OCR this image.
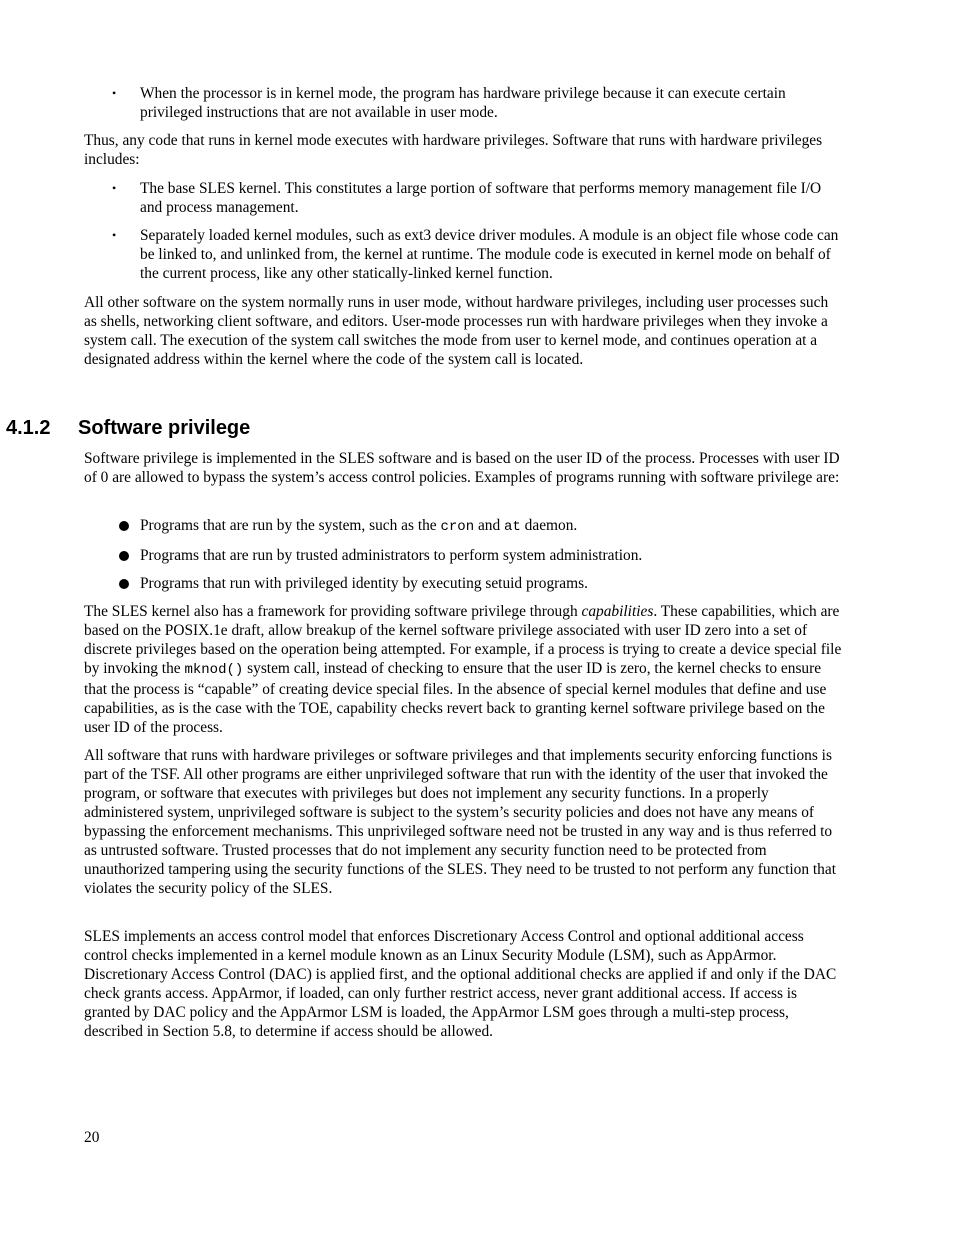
• When the processor is in kernel mode, the program has hardware privilege because it can execute certain privileged instructions that are not available in user mode.

Thus, any code that runs in kernel mode executes with hardware privileges. Software that runs with hardware privileges includes:

• The base SLES kernel. This constitutes a large portion of software that performs memory management file I/O and process management.

• Separately loaded kernel modules, such as ext3 device driver modules. A module is an object file whose code can be linked to, and unlinked from, the kernel at runtime. The module code is executed in kernel mode on behalf of the current process, like any other statically-linked kernel function.

All other software on the system normally runs in user mode, without hardware privileges, including user processes such as shells, networking client software, and editors. User-mode processes run with hardware privileges when they invoke a system call. The execution of the system call switches the mode from user to kernel mode, and continues operation at a designated address within the kernel where the code of the system call is located.

Software privilege is implemented in the SLES software and is based on the user ID of the process. Processes with user ID of 0 are allowed to bypass the system’s access control policies. Examples of programs running with software privilege are:

Programs that are run by the system, such as the cron and at daemon.

Programs that are run by trusted administrators to perform system administration.

Programs that run with privileged identity by executing setuid programs.

The SLES kernel also has a framework for providing software privilege through capabilities. These capabilities, which are based on the POSIX.1e draft, allow breakup of the kernel software privilege associated with user ID zero into a set of discrete privileges based on the operation being attempted. For example, if a process is trying to create a device special file by invoking the mknod() system call, instead of checking to ensure that the user ID is zero, the kernel checks to ensure that the process is “capable” of creating device special files. In the absence of special kernel modules that define and use capabilities, as is the case with the TOE, capability checks revert back to granting kernel software privilege based on the user ID of the process.

All software that runs with hardware privileges or software privileges and that implements security enforcing functions is part of the TSF. All other programs are either unprivileged software that run with the identity of the user that invoked the program, or software that executes with privileges but does not implement any security functions. In a properly administered system, unprivileged software is subject to the system’s security policies and does not have any means of bypassing the enforcement mechanisms. This unprivileged software need not be trusted in any way and is thus referred to as untrusted software. Trusted processes that do not implement any security function need to be protected from unauthorized tampering using the security functions of the SLES. They need to be trusted to not perform any function that violates the security policy of the SLES.

SLES implements an access control model that enforces Discretionary Access Control and optional additional access control checks implemented in a kernel module known as an Linux Security Module (LSM), such as AppArmor. Discretionary Access Control (DAC) is applied first, and the optional additional checks are applied if and only if the DAC check grants access. AppArmor, if loaded, can only further restrict access, never grant additional access. If access is granted by DAC policy and the AppArmor LSM is loaded, the AppArmor LSM goes through a multi-step process, described in Section 5.8, to determine if access should be allowed.

4.1.2 Software privilege
20
